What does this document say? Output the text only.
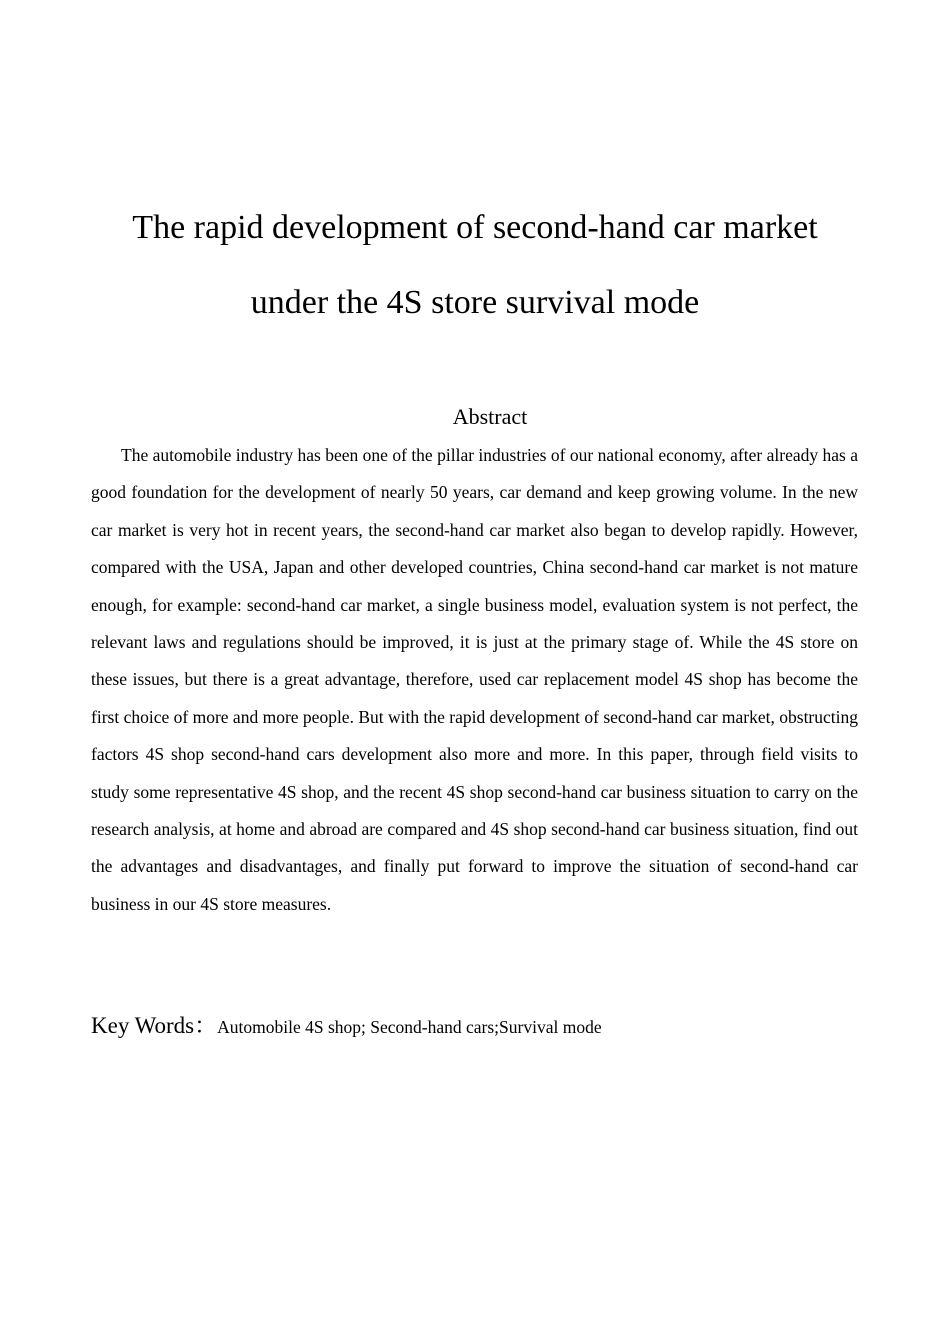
The rapid development of second-hand car market
under the 4S store survival mode
Abstract

The automobile industry has been one of the pillar industries of our national economy, after already has a good foundation for the development of nearly 50 years, car demand and keep growing volume. In the new car market is very hot in recent years, the second-hand car market also began to develop rapidly. However, compared with the USA, Japan and other developed countries, China second-hand car market is not mature enough, for example: second-hand car market, a single business model, evaluation system is not perfect, the relevant laws and regulations should be improved, it is just at the primary stage of. While the 4S store on these issues, but there is a great advantage, therefore, used car replacement model 4S shop has become the first choice of more and more people. But with the rapid development of second-hand car market, obstructing factors 4S shop second-hand cars development also more and more. In this paper, through field visits to study some representative 4S shop, and the recent 4S shop second-hand car business situation to carry on the research analysis, at home and abroad are compared and 4S shop second-hand car business situation, find out the advantages and disadvantages, and finally put forward to improve the situation of second-hand car business in our 4S store measures.

Key Words：Automobile 4S shop; Second-hand cars;Survival mode
